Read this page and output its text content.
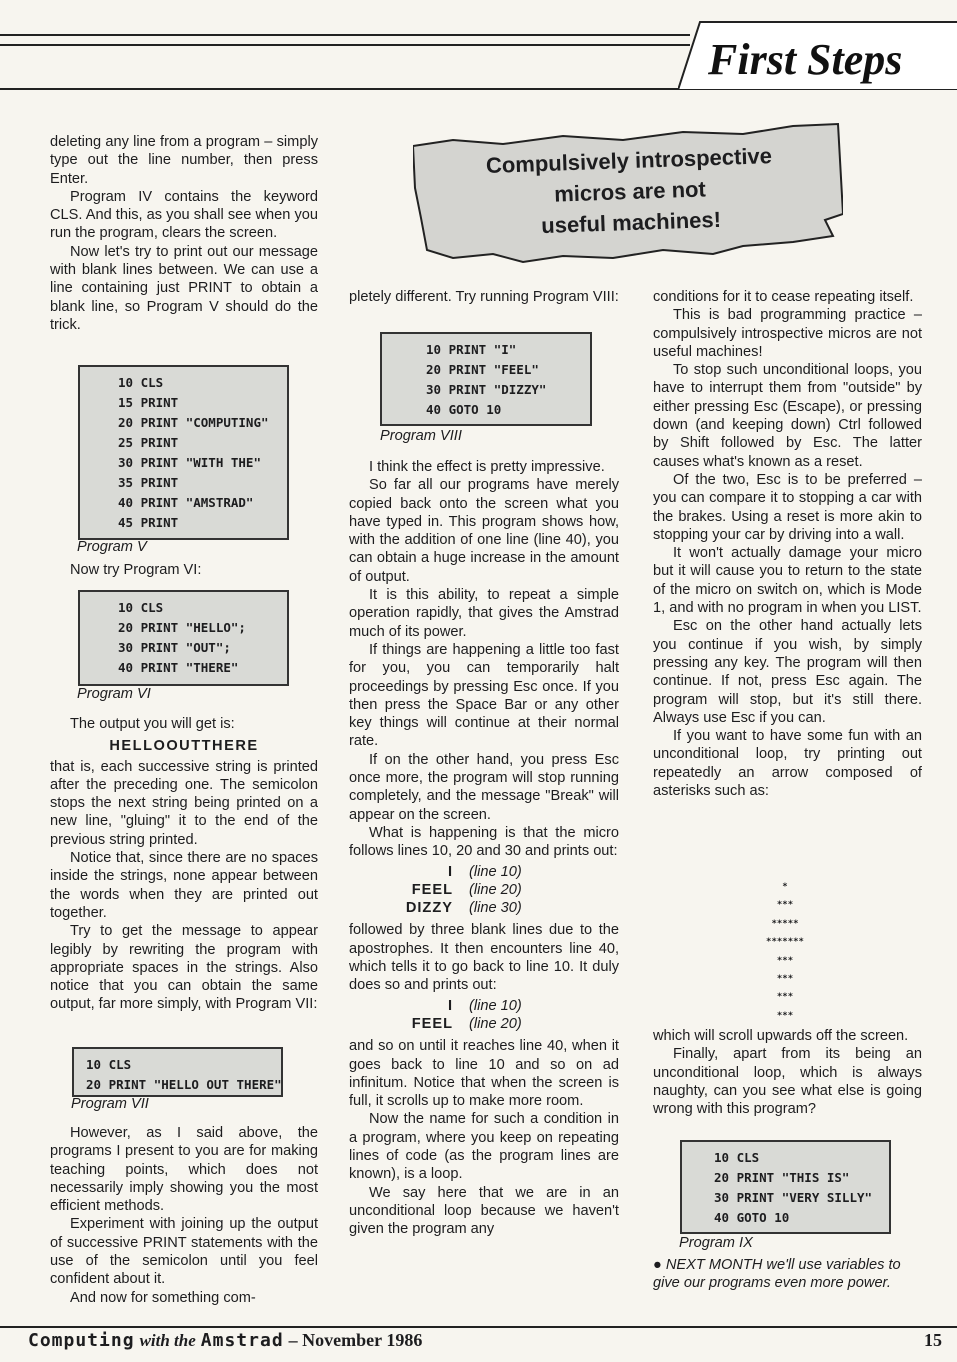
First Steps
Compulsively introspective
micros are not
useful machines!

deleting any line from a program – simply type out the line number, then press Enter.

Program IV contains the keyword CLS. And this, as you shall see when you run the program, clears the screen.

Now let's try to print out our message with blank lines between. We can use a line containing just PRINT to obtain a blank line, so Program V should do the trick.

10 CLS
15 PRINT
20 PRINT "COMPUTING"
25 PRINT
30 PRINT "WITH THE"
35 PRINT
40 PRINT "AMSTRAD"
45 PRINT
Program V

Now try Program VI:

10 CLS
20 PRINT "HELLO";
30 PRINT "OUT";
40 PRINT "THERE"
Program VI

The output you will get is:

HELLOOUTTHERE

that is, each successive string is printed after the preceding one. The semicolon stops the next string being printed on a new line, "gluing" it to the end of the previous string printed.

Notice that, since there are no spaces inside the strings, none appear between the words when they are printed out together.

Try to get the message to appear legibly by rewriting the program with appropriate spaces in the strings. Also notice that you can obtain the same output, far more simply, with Program VII:

10 CLS
20 PRINT "HELLO OUT THERE"
Program VII

However, as I said above, the programs I present to you are for making teaching points, which does not necessarily imply showing you the most efficient methods.

Experiment with joining up the output of successive PRINT statements with the use of the semicolon until you feel confident about it.

And now for something com-

pletely different. Try running Program VIII:

10 PRINT "I"
20 PRINT "FEEL"
30 PRINT "DIZZY"
40 GOTO 10
Program VIII

I think the effect is pretty impressive.

So far all our programs have merely copied back onto the screen what you have typed in. This program shows how, with the addition of one line (line 40), you can obtain a huge increase in the amount of output.

It is this ability, to repeat a simple operation rapidly, that gives the Amstrad much of its power.

If things are happening a little too fast for you, you can temporarily halt proceedings by pressing Esc once. If you then press the Space Bar or any other key things will continue at their normal rate.

If on the other hand, you press Esc once more, the program will stop running completely, and the message "Break" will appear on the screen.

What is happening is that the micro follows lines 10, 20 and 30 and prints out:

I	(line 10)
FEEL	(line 20)
DIZZY	(line 30)

followed by three blank lines due to the apostrophes. It then encounters line 40, which tells it to go back to line 10. It duly does so and prints out:

I	(line 10)
FEEL	(line 20)

and so on until it reaches line 40, when it goes back to line 10 and so on ad infinitum. Notice that when the screen is full, it scrolls up to make more room.

Now the name for such a condition in a program, where you keep on repeating lines of code (as the program lines are known), is a loop.

We say here that we are in an unconditional loop because we haven't given the program any

conditions for it to cease repeating itself.

This is bad programming practice – compulsively introspective micros are not useful machines!

To stop such unconditional loops, you have to interrupt them from "outside" by either pressing Esc (Escape), or pressing down (and keeping down) Ctrl followed by Shift followed by Esc. The latter causes what's known as a reset.

Of the two, Esc is to be preferred – you can compare it to stopping a car with the brakes. Using a reset is more akin to stopping your car by driving into a wall.

It won't actually damage your micro but it will cause you to return to the state of the micro on switch on, which is Mode 1, and with no program in when you LIST.

Esc on the other hand actually lets you continue if you wish, by simply pressing any key. The program will then continue. If not, press Esc again. The program will stop, but it's still there. Always use Esc if you can.

If you want to have some fun with an unconditional loop, try printing out repeatedly an arrow composed of asterisks such as:

*
***
*****
*******
***
***
***
***

which will scroll upwards off the screen.

Finally, apart from its being an unconditional loop, which is always naughty, can you see what else is going wrong with this program?

10 CLS
20 PRINT "THIS IS"
30 PRINT "VERY SILLY"
40 GOTO 10
Program IX
● NEXT MONTH we'll use variables to give our programs even more power.
Computing with the Amstrad – November 1986	15
